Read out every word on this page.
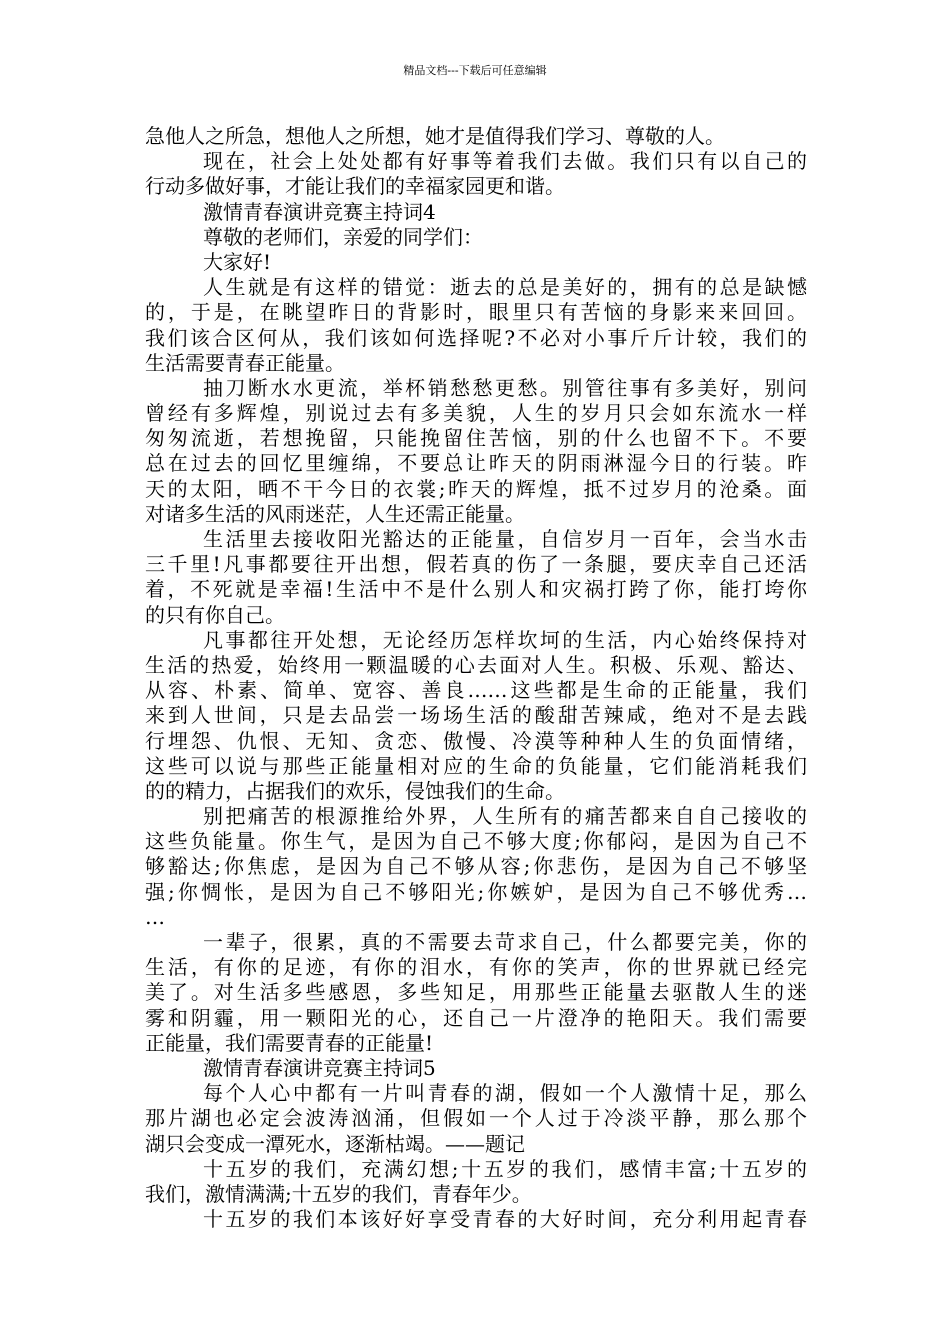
精品文档---下载后可任意编辑
急他人之所急，想他人之所想，她才是值得我们学习、尊敬的人。
现在，社会上处处都有好事等着我们去做。我们只有以自己的
行动多做好事，才能让我们的幸福家园更和谐。
激情青春演讲竞赛主持词4
尊敬的老师们，亲爱的同学们：
大家好!
人生就是有这样的错觉：逝去的总是美好的，拥有的总是缺憾
的，于是，在眺望昨日的背影时，眼里只有苦恼的身影来来回回。
我们该合区何从，我们该如何选择呢?不必对小事斤斤计较，我们的
生活需要青春正能量。
抽刀断水水更流，举杯销愁愁更愁。别管往事有多美好，别问
曾经有多辉煌，别说过去有多美貌，人生的岁月只会如东流水一样
匆匆流逝，若想挽留，只能挽留住苦恼，别的什么也留不下。不要
总在过去的回忆里缠绵，不要总让昨天的阴雨淋湿今日的行装。昨
天的太阳，晒不干今日的衣裳;昨天的辉煌，抵不过岁月的沧桑。面
对诸多生活的风雨迷茫，人生还需正能量。
生活里去接收阳光豁达的正能量，自信岁月一百年，会当水击
三千里!凡事都要往开出想，假若真的伤了一条腿，要庆幸自己还活
着，不死就是幸福!生活中不是什么别人和灾祸打跨了你，能打垮你
的只有你自己。
凡事都往开处想，无论经历怎样坎坷的生活，内心始终保持对
生活的热爱，始终用一颗温暖的心去面对人生。积极、乐观、豁达、
从容、朴素、简单、宽容、善良……这些都是生命的正能量，我们
来到人世间，只是去品尝一场场生活的酸甜苦辣咸，绝对不是去践
行埋怨、仇恨、无知、贪恋、傲慢、冷漠等种种人生的负面情绪，
这些可以说与那些正能量相对应的生命的负能量，它们能消耗我们
的的精力，占据我们的欢乐，侵蚀我们的生命。
别把痛苦的根源推给外界，人生所有的痛苦都来自自己接收的
这些负能量。你生气，是因为自己不够大度;你郁闷，是因为自己不
够豁达;你焦虑，是因为自己不够从容;你悲伤，是因为自己不够坚
强;你惆怅，是因为自己不够阳光;你嫉妒，是因为自己不够优秀…
…
一辈子，很累，真的不需要去苛求自己，什么都要完美，你的
生活，有你的足迹，有你的泪水，有你的笑声，你的世界就已经完
美了。对生活多些感恩，多些知足，用那些正能量去驱散人生的迷
雾和阴霾，用一颗阳光的心，还自己一片澄净的艳阳天。我们需要
正能量，我们需要青春的正能量!
激情青春演讲竞赛主持词5
每个人心中都有一片叫青春的湖，假如一个人激情十足，那么
那片湖也必定会波涛汹涌，但假如一个人过于冷淡平静，那么那个
湖只会变成一潭死水，逐渐枯竭。——题记
十五岁的我们，充满幻想;十五岁的我们，感情丰富;十五岁的
我们，激情满满;十五岁的我们，青春年少。
十五岁的我们本该好好享受青春的大好时间，充分利用起青春
